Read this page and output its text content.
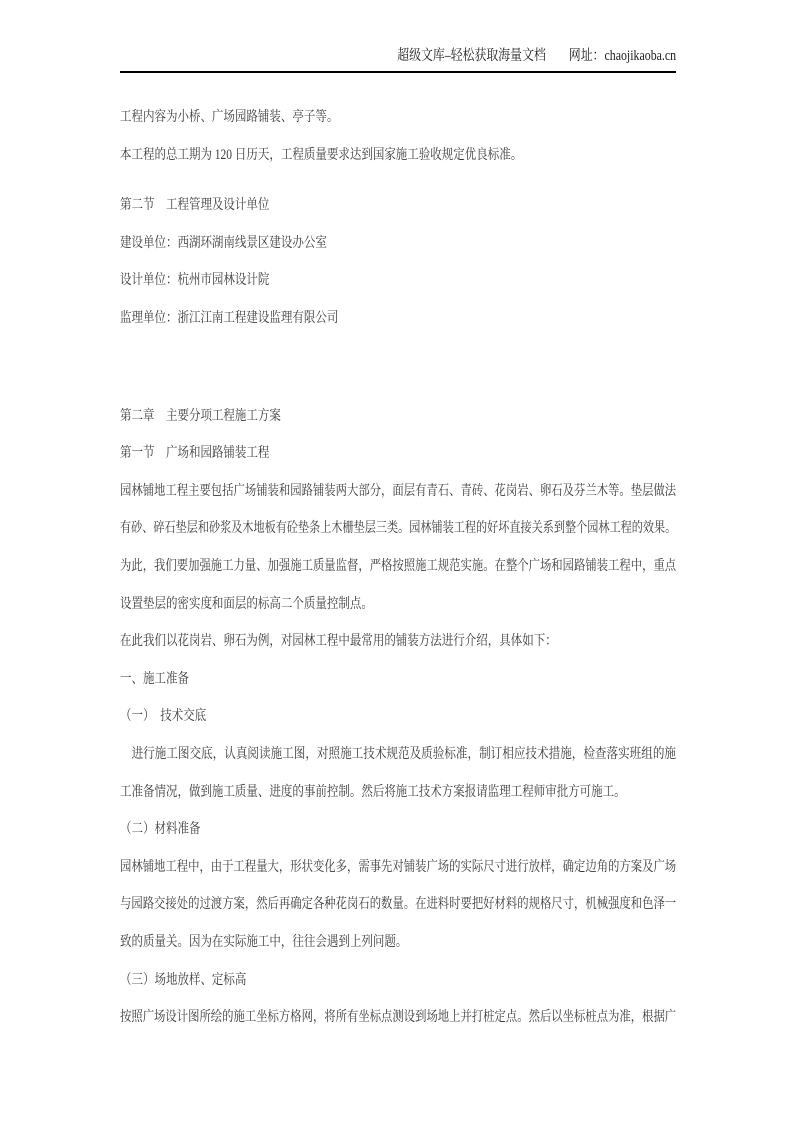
超级文库–轻松获取海量文档 网址：chaojikaoba.cn
工程内容为小桥、广场园路铺装、亭子等。
本工程的总工期为 120 日历天，工程质量要求达到国家施工验收规定优良标准。
第二节　工程管理及设计单位
建设单位：西湖环湖南线景区建设办公室
设计单位：杭州市园林设计院
监理单位：浙江江南工程建设监理有限公司
第二章　主要分项工程施工方案
第一节　广场和园路铺装工程
园林铺地工程主要包括广场铺装和园路铺装两大部分，面层有青石、青砖、花岗岩、卵石及芬兰木等。垫层做法
有砂、碎石垫层和砂浆及木地板有砼垫条上木栅垫层三类。园林铺装工程的好坏直接关系到整个园林工程的效果。
为此，我们要加强施工力量、加强施工质量监督，严格按照施工规范实施。在整个广场和园路铺装工程中，重点
设置垫层的密实度和面层的标高二个质量控制点。
在此我们以花岗岩、卵石为例，对园林工程中最常用的铺装方法进行介绍，具体如下：
一、施工准备
（一）　技术交底
　进行施工图交底，认真阅读施工图，对照施工技术规范及质验标准，制订相应技术措施，检查落实班组的施
工准备情况，做到施工质量、进度的事前控制。然后将施工技术方案报请监理工程师审批方可施工。
（二）材料准备
园林铺地工程中，由于工程量大，形状变化多，需事先对铺装广场的实际尺寸进行放样，确定边角的方案及广场
与园路交接处的过渡方案，然后再确定各种花岗石的数量。在进料时要把好材料的规格尺寸，机械强度和色泽一
致的质量关。因为在实际施工中，往往会遇到上列问题。
（三）场地放样、定标高
按照广场设计图所绘的施工坐标方格网，将所有坐标点测设到场地上并打桩定点。然后以坐标桩点为准，根据广
